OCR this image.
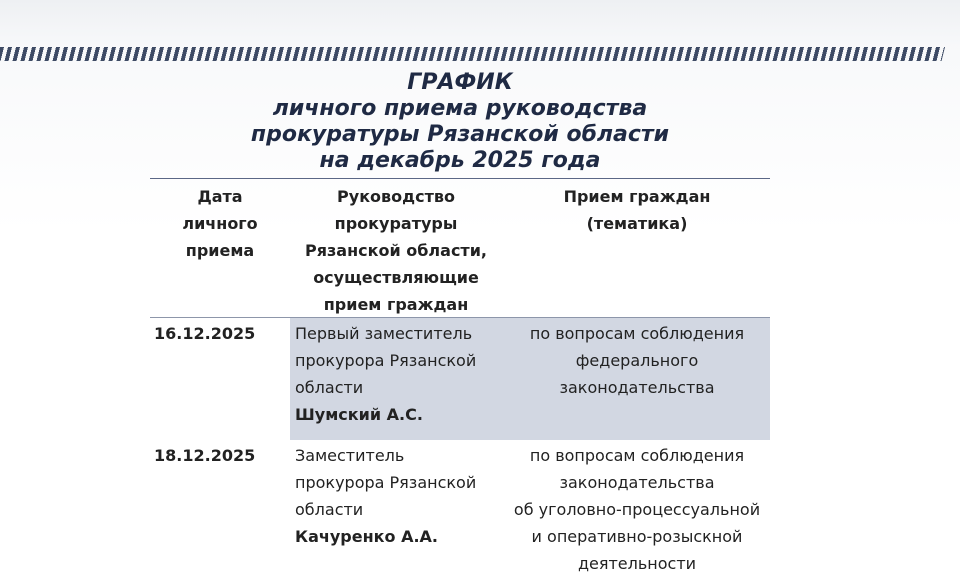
ГРАФИК
личного приема руководства
прокуратуры Рязанской области
на декабрь 2025 года
Дата
личного
приема
Руководство
прокуратуры
Рязанской области,
осуществляющие
прием граждан
Прием граждан
(тематика)
16.12.2025 Первый заместитель
прокурора Рязанской
области
Шумский А.С.
по вопросам соблюдения
федерального
законодательства
18.12.2025 Заместитель
прокурора Рязанской
области
Качуренко А.А.
по вопросам соблюдения
законодательства
об уголовно-процессуальной
и оперативно-розыскной
деятельности
